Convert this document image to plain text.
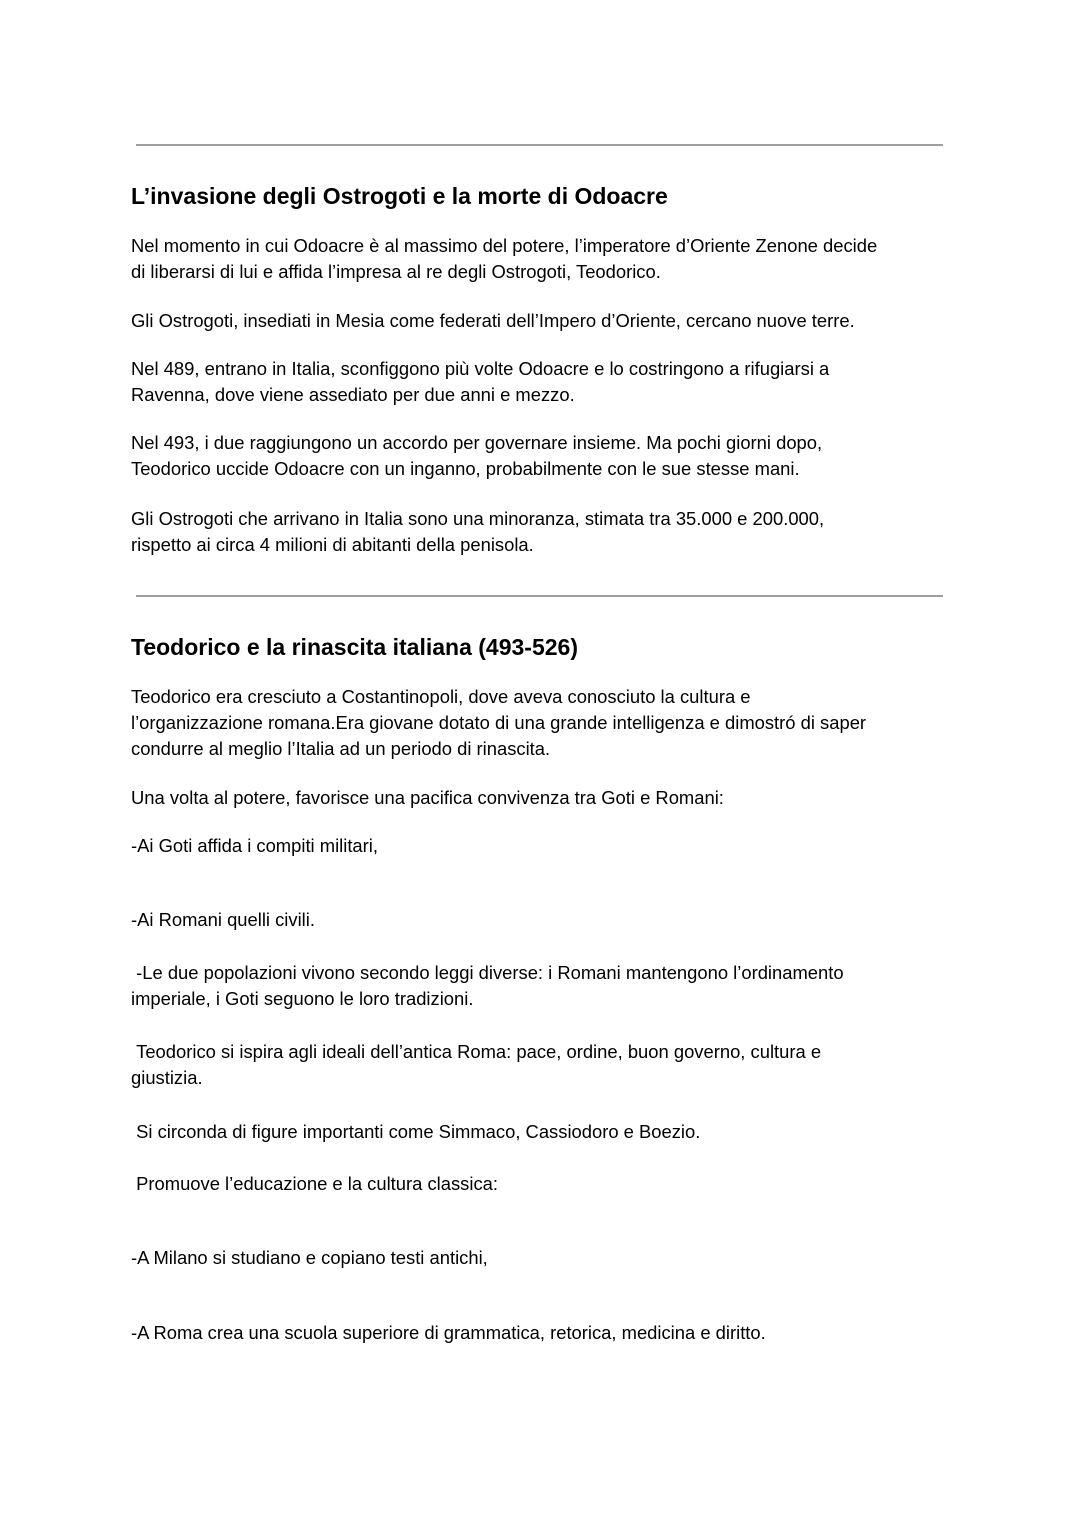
L’invasione degli Ostrogoti e la morte di Odoacre
Nel momento in cui Odoacre è al massimo del potere, l’imperatore d’Oriente Zenone decide
di liberarsi di lui e affida l’impresa al re degli Ostrogoti, Teodorico.
Gli Ostrogoti, insediati in Mesia come federati dell’Impero d’Oriente, cercano nuove terre.
Nel 489, entrano in Italia, sconfiggono più volte Odoacre e lo costringono a rifugiarsi a
Ravenna, dove viene assediato per due anni e mezzo.
Nel 493, i due raggiungono un accordo per governare insieme. Ma pochi giorni dopo,
Teodorico uccide Odoacre con un inganno, probabilmente con le sue stesse mani.
Gli Ostrogoti che arrivano in Italia sono una minoranza, stimata tra 35.000 e 200.000,
rispetto ai circa 4 milioni di abitanti della penisola.
Teodorico e la rinascita italiana (493-526)
Teodorico era cresciuto a Costantinopoli, dove aveva conosciuto la cultura e
l’organizzazione romana.Era giovane dotato di una grande intelligenza e dimostró di saper
condurre al meglio l’Italia ad un periodo di rinascita.
Una volta al potere, favorisce una pacifica convivenza tra Goti e Romani:
-Ai Goti affida i compiti militari,
-Ai Romani quelli civili.
-Le due popolazioni vivono secondo leggi diverse: i Romani mantengono l’ordinamento
imperiale, i Goti seguono le loro tradizioni.
Teodorico si ispira agli ideali dell’antica Roma: pace, ordine, buon governo, cultura e
giustizia.
Si circonda di figure importanti come Simmaco, Cassiodoro e Boezio.
Promuove l’educazione e la cultura classica:
-A Milano si studiano e copiano testi antichi,
-A Roma crea una scuola superiore di grammatica, retorica, medicina e diritto.
